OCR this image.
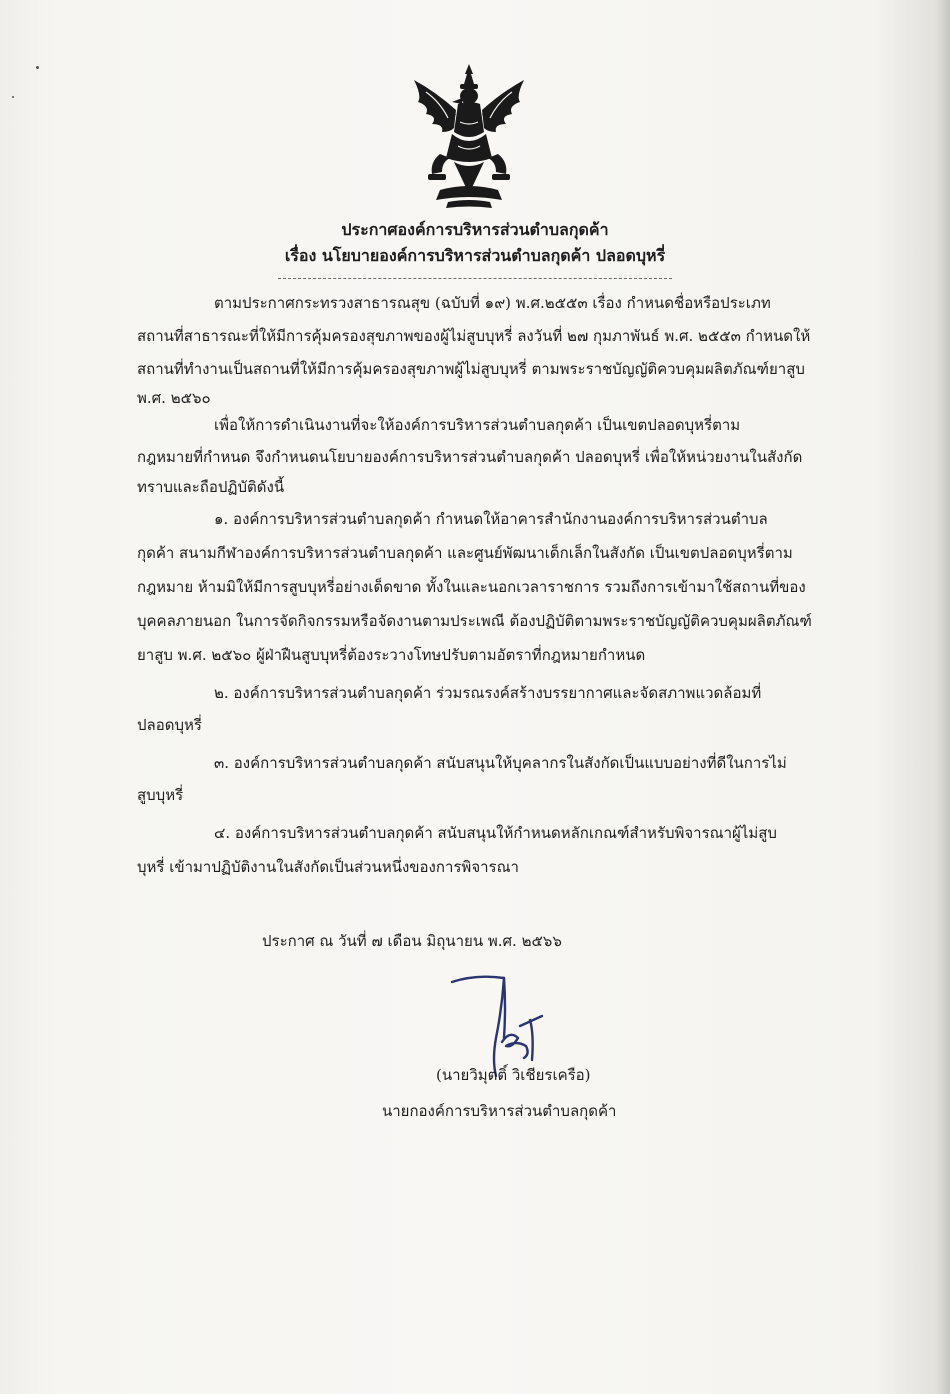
ประกาศองค์การบริหารส่วนตำบลกุดค้า
เรื่อง นโยบายองค์การบริหารส่วนตำบลกุดค้า ปลอดบุหรี่
ตามประกาศกระทรวงสาธารณสุข (ฉบับที่ ๑๙) พ.ศ.๒๕๕๓ เรื่อง กำหนดชื่อหรือประเภท
สถานที่สาธารณะที่ให้มีการคุ้มครองสุขภาพของผู้ไม่สูบบุหรี่ ลงวันที่ ๒๗ กุมภาพันธ์ พ.ศ. ๒๕๕๓ กำหนดให้
สถานที่ทำงานเป็นสถานที่ให้มีการคุ้มครองสุขภาพผู้ไม่สูบบุหรี่ ตามพระราชบัญญัติควบคุมผลิตภัณฑ์ยาสูบ
พ.ศ. ๒๕๖๐
เพื่อให้การดำเนินงานที่จะให้องค์การบริหารส่วนตำบลกุดค้า เป็นเขตปลอดบุหรี่ตาม
กฎหมายที่กำหนด จึงกำหนดนโยบายองค์การบริหารส่วนตำบลกุดค้า ปลอดบุหรี่ เพื่อให้หน่วยงานในสังกัด
ทราบและถือปฏิบัติดังนี้
๑. องค์การบริหารส่วนตำบลกุดค้า กำหนดให้อาคารสำนักงานองค์การบริหารส่วนตำบล
กุดค้า สนามกีฬาองค์การบริหารส่วนตำบลกุดค้า และศูนย์พัฒนาเด็กเล็กในสังกัด เป็นเขตปลอดบุหรี่ตาม
กฎหมาย ห้ามมิให้มีการสูบบุหรี่อย่างเด็ดขาด ทั้งในและนอกเวลาราชการ รวมถึงการเข้ามาใช้สถานที่ของ
บุคคลภายนอก ในการจัดกิจกรรมหรือจัดงานตามประเพณี ต้องปฏิบัติตามพระราชบัญญัติควบคุมผลิตภัณฑ์
ยาสูบ พ.ศ. ๒๕๖๐ ผู้ฝ่าฝืนสูบบุหรี่ต้องระวางโทษปรับตามอัตราที่กฎหมายกำหนด
๒. องค์การบริหารส่วนตำบลกุดค้า ร่วมรณรงค์สร้างบรรยากาศและจัดสภาพแวดล้อมที่
ปลอดบุหรี่
๓. องค์การบริหารส่วนตำบลกุดค้า สนับสนุนให้บุคลากรในสังกัดเป็นแบบอย่างที่ดีในการไม่
สูบบุหรี่
๔. องค์การบริหารส่วนตำบลกุดค้า สนับสนุนให้กำหนดหลักเกณฑ์สำหรับพิจารณาผู้ไม่สูบ
บุหรี่ เข้ามาปฏิบัติงานในสังกัดเป็นส่วนหนึ่งของการพิจารณา
ประกาศ ณ วันที่ ๗ เดือน มิถุนายน พ.ศ. ๒๕๖๖
(นายวิมุตติ์ วิเชียรเครือ)
นายกองค์การบริหารส่วนตำบลกุดค้า
